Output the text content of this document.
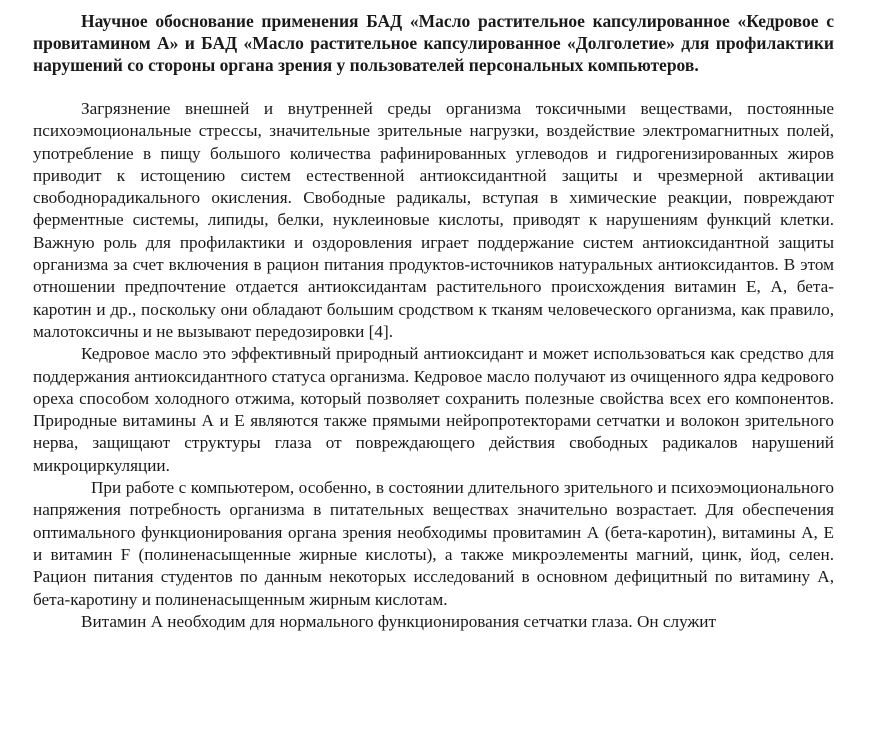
Научное обоснование применения БАД «Масло растительное капсулированное «Кедровое с провитамином А» и БАД «Масло растительное капсулированное «Долголетие» для профилактики нарушений со стороны органа зрения у пользователей персональных компьютеров.

Загрязнение внешней и внутренней среды организма токсичными веществами, постоянные психоэмоциональные стрессы, значительные зрительные нагрузки, воздействие электромагнитных полей, употребление в пищу большого количества рафинированных углеводов и гидрогенизированных жиров приводит к истощению систем естественной антиоксидантной защиты и чрезмерной активации свободнорадикального окисления. Свободные радикалы, вступая в химические реакции, повреждают ферментные системы, липиды, белки, нуклеиновые кислоты, приводят к нарушениям функций клетки. Важную роль для профилактики и оздоровления играет поддержание систем антиоксидантной защиты организма за счет включения в рацион питания продуктов-источников натуральных антиоксидантов. В этом отношении предпочтение отдается антиоксидантам растительного происхождения витамин Е, А, бета-каротин и др., поскольку они обладают большим сродством к тканям человеческого организма, как правило, малотоксичны и не вызывают передозировки [4].

Кедровое масло это эффективный природный антиоксидант и может использоваться как средство для поддержания антиоксидантного статуса организма. Кедровое масло получают из очищенного ядра кедрового ореха способом холодного отжима, который позволяет сохранить полезные свойства всех его компонентов. Природные витамины А и Е являются также прямыми нейропротекторами сетчатки и волокон зрительного нерва, защищают структуры глаза от повреждающего действия свободных радикалов нарушений микроциркуляции.

При работе с компьютером, особенно, в состоянии длительного зрительного и психоэмоционального напряжения потребность организма в питательных веществах значительно возрастает. Для обеспечения оптимального функционирования органа зрения необходимы провитамин А (бета-каротин), витамины А, Е и витамин F (полиненасыщенные жирные кислоты), а также микроэлементы магний, цинк, йод, селен. Рацион питания студентов по данным некоторых исследований в основном дефицитный по витамину А, бета-каротину и полиненасыщенным жирным кислотам.

Витамин А необходим для нормального функционирования сетчатки глаза. Он служит
